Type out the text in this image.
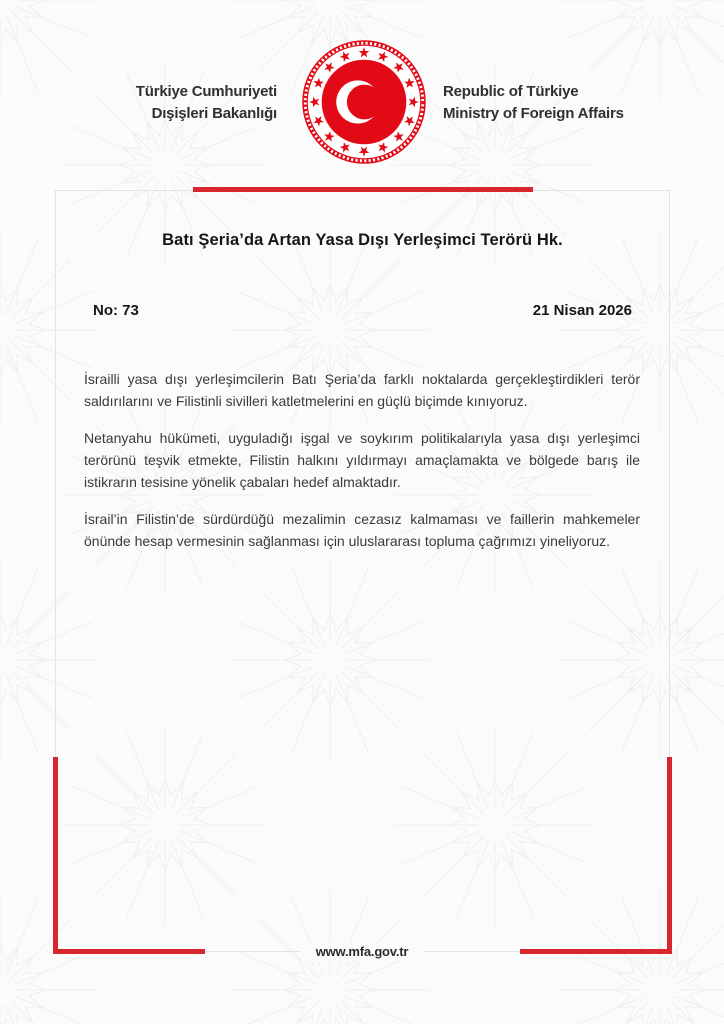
Türkiye Cumhuriyeti
Dışişleri Bakanlığı
Republic of Türkiye
Ministry of Foreign Affairs
Batı Şeria’da Artan Yasa Dışı Yerleşimci Terörü Hk.
No: 73	21 Nisan 2026

İsrailli yasa dışı yerleşimcilerin Batı Şeria’da farklı noktalarda gerçekleştirdikleri terör saldırılarını ve Filistinli sivilleri katletmelerini en güçlü biçimde kınıyoruz.

Netanyahu hükümeti, uyguladığı işgal ve soykırım politikalarıyla yasa dışı yerleşimci terörünü teşvik etmekte, Filistin halkını yıldırmayı amaçlamakta ve bölgede barış ile istikrarın tesisine yönelik çabaları hedef almaktadır.

İsrail’in Filistin’de sürdürdüğü mezalimin cezasız kalmaması ve faillerin mahkemeler önünde hesap vermesinin sağlanması için uluslararası topluma çağrımızı yineliyoruz.

www.mfa.gov.tr
